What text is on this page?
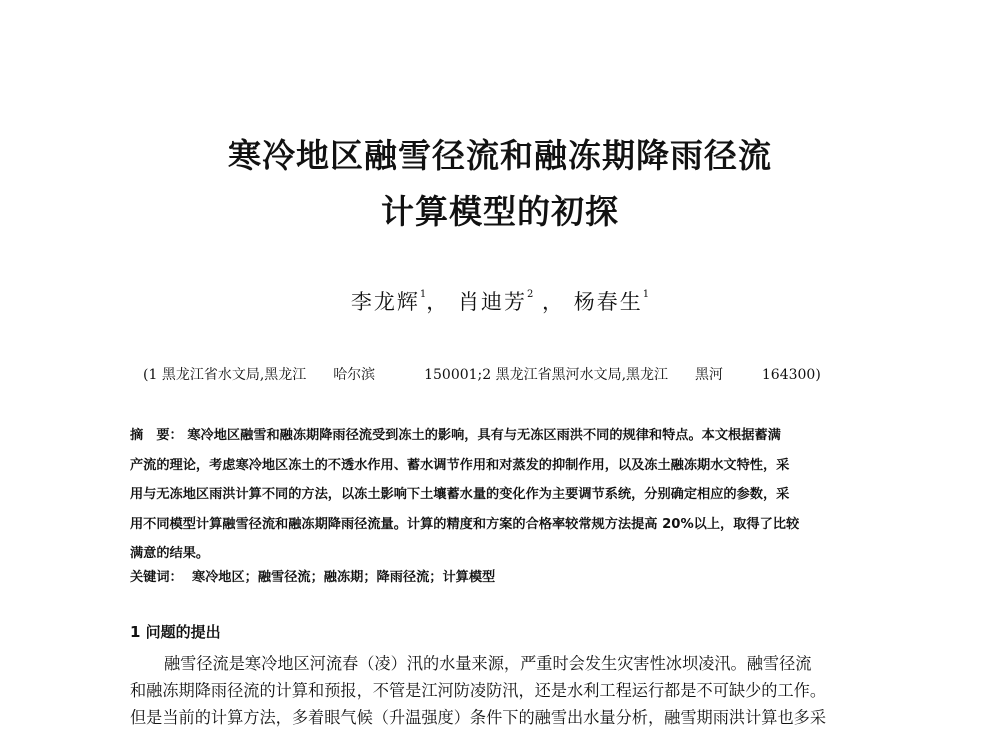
寒冷地区融雪径流和融冻期降雨径流
计算模型的初探
李龙辉$^1$， 肖迪芳$^2$ ， 杨春生$^1$
(1 黑龙江省水文局,黑龙江 哈尔滨	150001;2 黑龙江省黑河水文局,黑龙江 黑河	164300)
摘　要： 寒冷地区融雪和融冻期降雨径流受到冻土的影响，具有与无冻区雨洪不同的规律和特点。本文根据蓄满
产流的理论，考虑寒冷地区冻土的不透水作用、蓄水调节作用和对蒸发的抑制作用，以及冻土融冻期水文特性，采
用与无冻地区雨洪计算不同的方法，以冻土影响下土壤蓄水量的变化作为主要调节系统，分别确定相应的参数，采
用不同模型计算融雪径流和融冻期降雨径流量。计算的精度和方案的合格率较常规方法提高 20%以上，取得了比较
满意的结果。
关键词： 寒冷地区；融雪径流；融冻期；降雨径流；计算模型
1 问题的提出
融雪径流是寒冷地区河流春（凌）汛的水量来源，严重时会发生灾害性冰坝凌汛。融雪径流
和融冻期降雨径流的计算和预报，不管是江河防凌防汛，还是水利工程运行都是不可缺少的工作。
但是当前的计算方法，多着眼气候（升温强度）条件下的融雪出水量分析，融雪期雨洪计算也多采
